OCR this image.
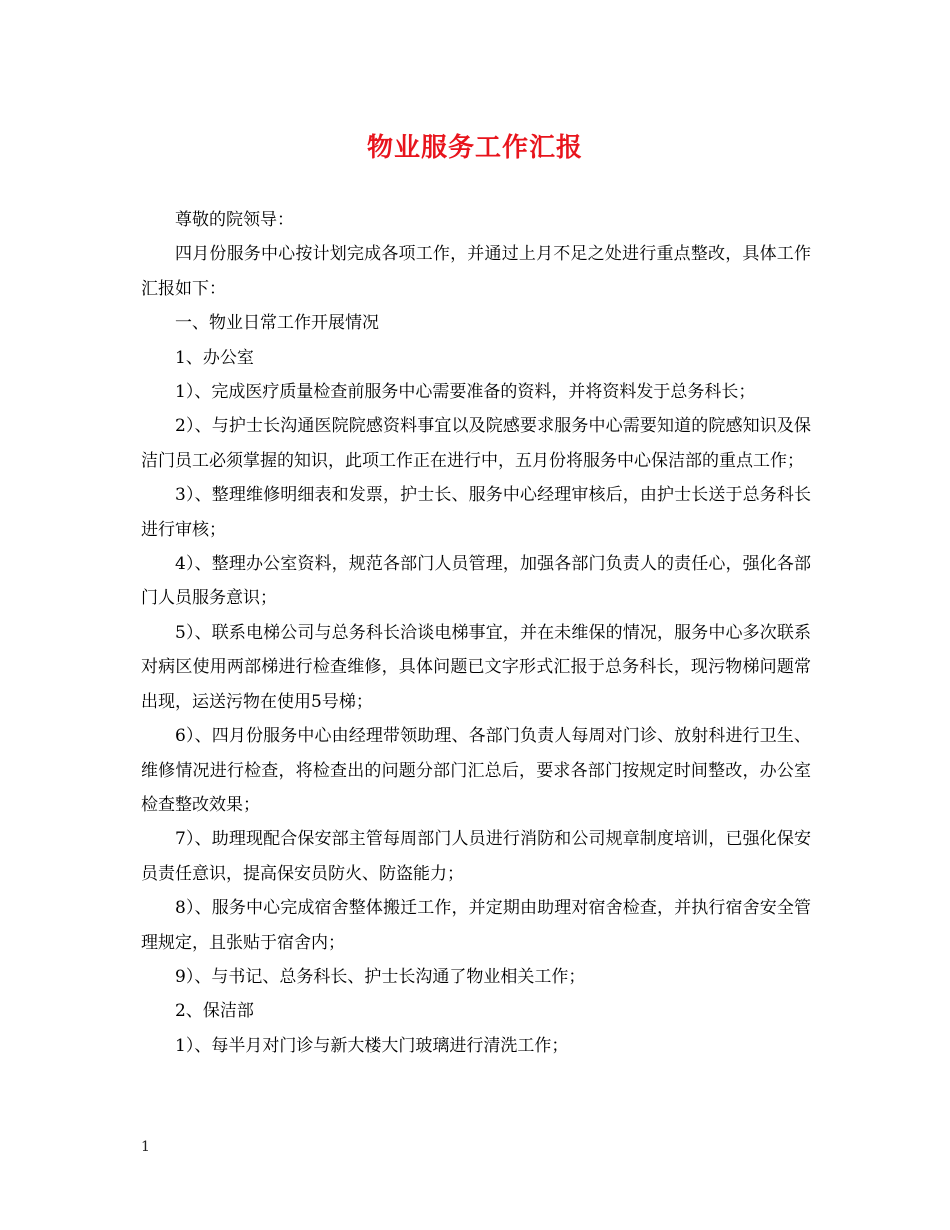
物业服务工作汇报

尊敬的院领导：

四月份服务中心按计划完成各项工作，并通过上月不足之处进行重点整改，具体工作汇报如下：

一、物业日常工作开展情况

1、办公室

1）、完成医疗质量检查前服务中心需要准备的资料，并将资料发于总务科长；

2）、与护士长沟通医院院感资料事宜以及院感要求服务中心需要知道的院感知识及保洁门员工必须掌握的知识，此项工作正在进行中，五月份将服务中心保洁部的重点工作；

3）、整理维修明细表和发票，护士长、服务中心经理审核后，由护士长送于总务科长进行审核；

4）、整理办公室资料，规范各部门人员管理，加强各部门负责人的责任心，强化各部门人员服务意识；

5）、联系电梯公司与总务科长洽谈电梯事宜，并在未维保的情况，服务中心多次联系对病区使用两部梯进行检查维修，具体问题已文字形式汇报于总务科长，现污物梯问题常出现，运送污物在使用5号梯；

6）、四月份服务中心由经理带领助理、各部门负责人每周对门诊、放射科进行卫生、维修情况进行检查，将检查出的问题分部门汇总后，要求各部门按规定时间整改，办公室检查整改效果；

7）、助理现配合保安部主管每周部门人员进行消防和公司规章制度培训，已强化保安员责任意识，提高保安员防火、防盗能力；

8）、服务中心完成宿舍整体搬迁工作，并定期由助理对宿舍检查，并执行宿舍安全管理规定，且张贴于宿舍内；

9）、与书记、总务科长、护士长沟通了物业相关工作；

2、保洁部

1）、每半月对门诊与新大楼大门玻璃进行清洗工作；

1
